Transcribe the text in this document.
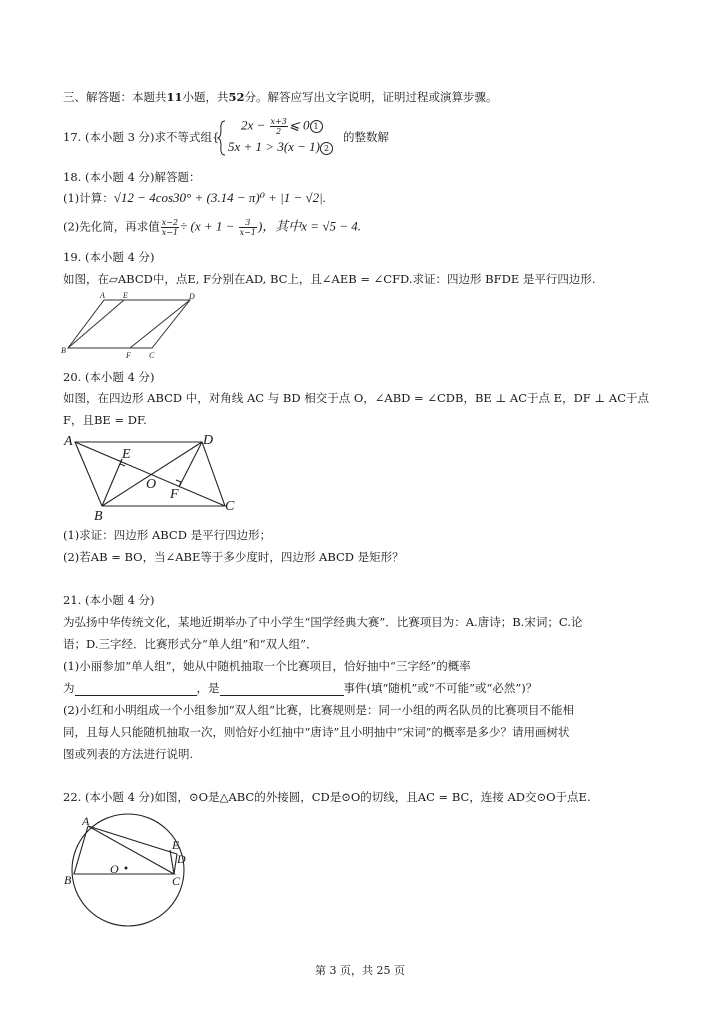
三、解答题：本题共11小题，共52分。解答应写出文字说明，证明过程或演算步骤。
17. (本小题 3 分)求不等式组{
$2x - \frac{x+3}{2}$ ⩽ 0 1
5x + 1 > 3(x − 1) 2
的整数解
18. (本小题 4 分)解答题：
(1)计算：√12 − 4cos30° + (3.14 − π)⁰ + |1 − √2|.
(2)先化简，再求值 $\frac{x-2}{x-1} \div (x + 1 - \frac{3}{x-1}$ )，其中x = √5 − 4.
19. (本小题 4 分)
如图，在▱ABCD中，点E, F分别在AD, BC上，且∠AEB = ∠CFD.求证：四边形 BFDE 是平行四边形.
A E	D
B
F C
20. (本小题 4 分)
如图，在四边形 ABCD 中，对角线 AC 与 BD 相交于点 O，∠ABD = ∠CDB，BE ⊥ AC于点 E，DF ⊥ AC于点
F，且BE = DF.
A	D
E
O
F
B
C
(1)求证：四边形 ABCD 是平行四边形；
(2)若AB = BO，当∠ABE等于多少度时，四边形 ABCD 是矩形？
21. (本小题 4 分)
为弘扬中华传统文化，某地近期举办了中小学生“国学经典大赛”．比赛项目为：A.唐诗；B.宋词；C.论
语；D.三字经．比赛形式分“单人组”和“双人组”．
(1)小丽参加“单人组”，她从中随机抽取一个比赛项目，恰好抽中“三字经”的概率
为	，是	事件(填“随机”或“不可能”或“必然”)？
(2)小红和小明组成一个小组参加“双人组”比赛，比赛规则是：同一小组的两名队员的比赛项目不能相
同，且每人只能随机抽取一次，则恰好小红抽中“唐诗”且小明抽中“宋词”的概率是多少？请用画树状
图或列表的方法进行说明.
22. (本小题 4 分)如图，⊙O是△ABC的外接圆，CD是⊙O的切线，且AC = BC，连接 AD交⊙O于点E.
A
E
D
O
B	C
第 3 页，共 25 页
